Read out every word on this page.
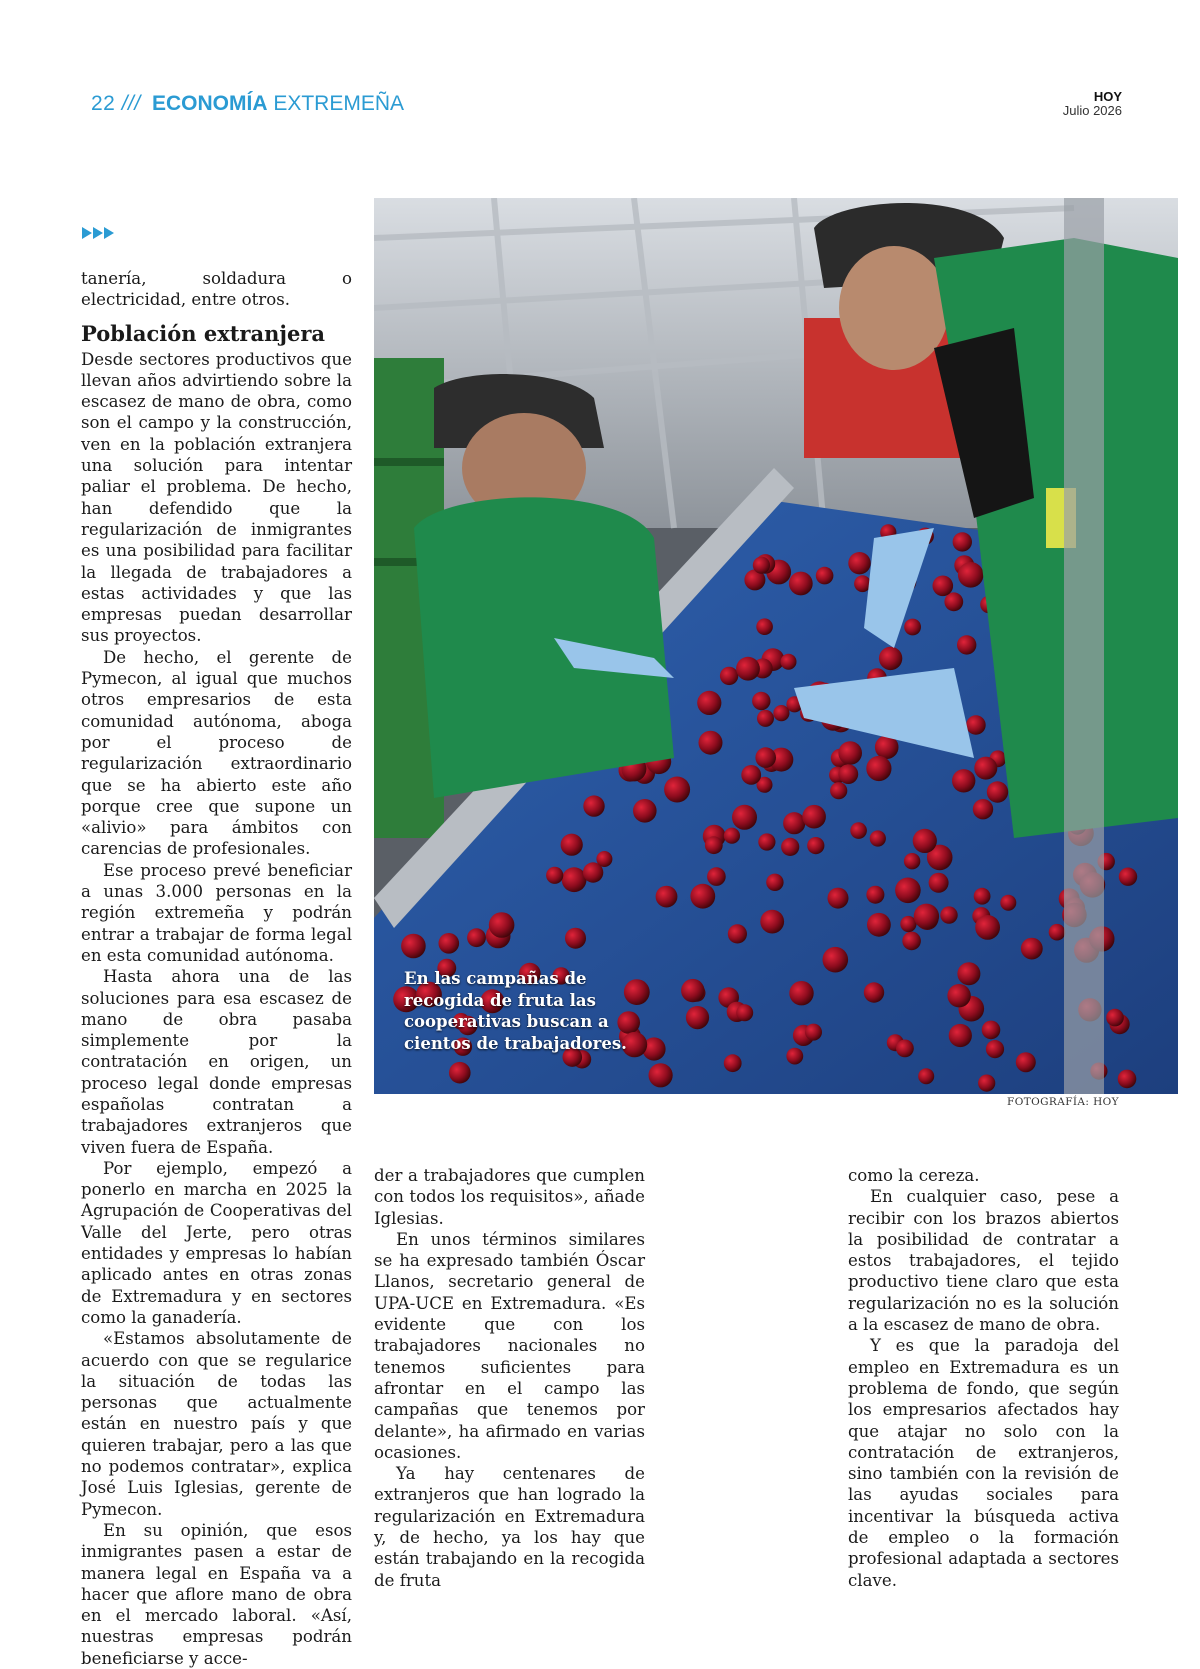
22 /// ECONOMÍA EXTREMEÑA	HOY
Julio 2026

tanería, soldadura o electricidad, entre otros.

Población extranjera

Desde sectores productivos que llevan años advirtiendo sobre la escasez de mano de obra, como son el campo y la construcción, ven en la población extranjera una solución para intentar paliar el problema. De hecho, han defendido que la regularización de inmigrantes es una posibilidad para facilitar la llegada de trabajadores a estas actividades y que las empresas puedan desarrollar sus proyectos.

De hecho, el gerente de Pymecon, al igual que muchos otros empresarios de esta comunidad autónoma, aboga por el proceso de regularización extraordinario que se ha abierto este año porque cree que supone un «alivio» para ámbitos con carencias de profesionales.

Ese proceso prevé beneficiar a unas 3.000 personas en la región extremeña y podrán entrar a trabajar de forma legal en esta comunidad autónoma.

Hasta ahora una de las soluciones para esa escasez de mano de obra pasaba simplemente por la contratación en origen, un proceso legal donde empresas españolas contratan a trabajadores extranjeros que viven fuera de España.

Por ejemplo, empezó a ponerlo en marcha en 2025 la Agrupación de Cooperativas del Valle del Jerte, pero otras entidades y empresas lo habían aplicado antes en otras zonas de Extremadura y en sectores como la ganadería.

«Estamos absolutamente de acuerdo con que se regularice la situación de todas las personas que actualmente están en nuestro país y que quieren trabajar, pero a las que no podemos contratar», explica José Luis Iglesias, gerente de Pymecon.

En su opinión, que esos inmigrantes pasen a estar de manera legal en España va a hacer que aflore mano de obra en el mercado laboral. «Así, nuestras empresas podrán beneficiarse y acce-

En las campañas de recogida de fruta las cooperativas buscan a cientos de trabajadores.
FOTOGRAFÍA: HOY

der a trabajadores que cumplen con todos los requisitos», añade Iglesias.

En unos términos similares se ha expresado también Óscar Llanos, secretario general de UPA-UCE en Extremadura. «Es evidente que con los trabajadores nacionales no tenemos suficientes para afrontar en el campo las campañas que tenemos por delante», ha afirmado en varias ocasiones.

Ya hay centenares de extranjeros que han logrado la regularización en Extremadura y, de hecho, ya los hay que están trabajando en la recogida de fruta

como la cereza.

En cualquier caso, pese a recibir con los brazos abiertos la posibilidad de contratar a estos trabajadores, el tejido productivo tiene claro que esta regularización no es la solución a la escasez de mano de obra.

Y es que la paradoja del empleo en Extremadura es un problema de fondo, que según los empresarios afectados hay que atajar no solo con la contratación de extranjeros, sino también con la revisión de las ayudas sociales para incentivar la búsqueda activa de empleo o la formación profesional adaptada a sectores clave.
